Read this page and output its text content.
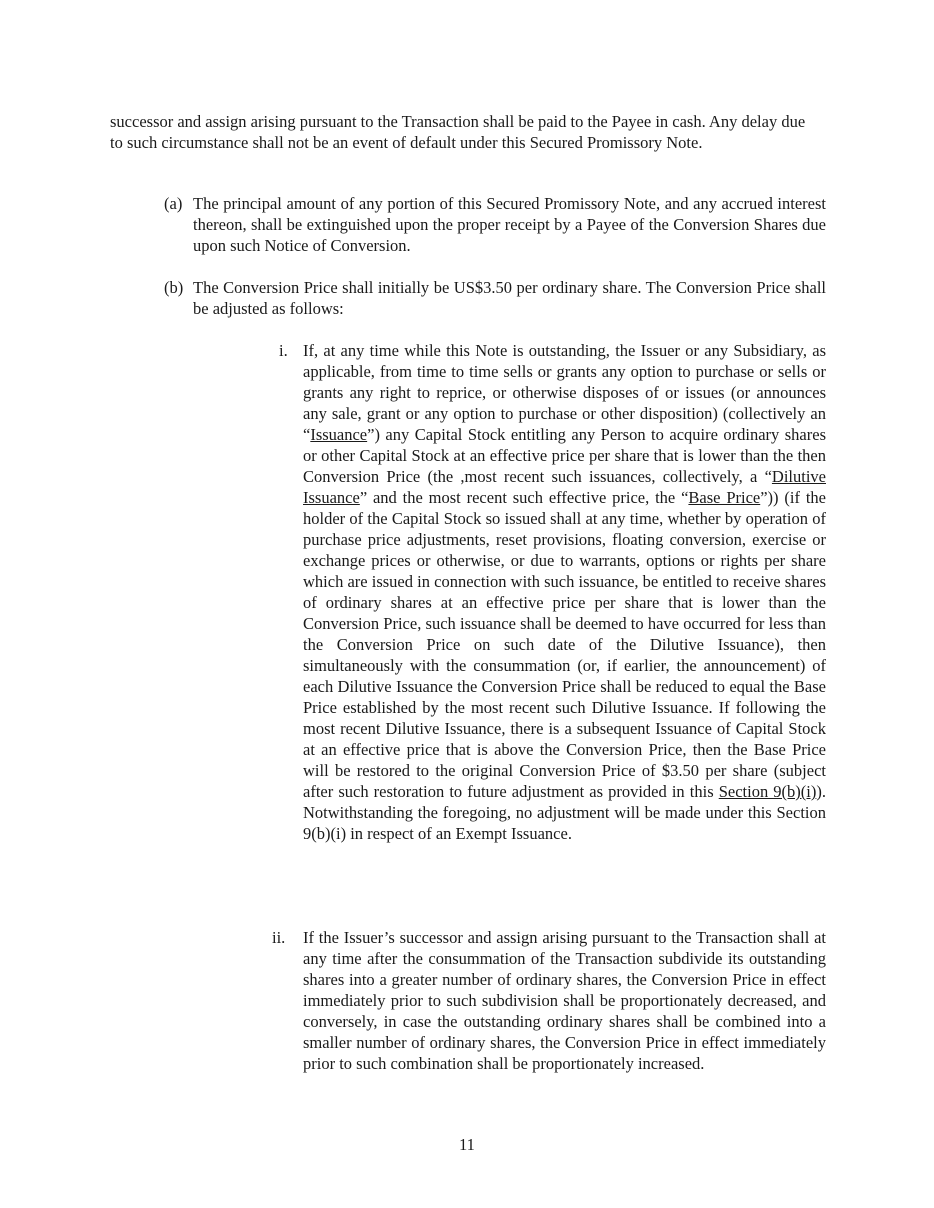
successor and assign arising pursuant to the Transaction shall be paid to the Payee in cash. Any delay due to such circumstance shall not be an event of default under this Secured Promissory Note.

(a) The principal amount of any portion of this Secured Promissory Note, and any accrued interest thereon, shall be extinguished upon the proper receipt by a Payee of the Conversion Shares due upon such Notice of Conversion.
(b) The Conversion Price shall initially be US$3.50 per ordinary share. The Conversion Price shall be adjusted as follows:
i. If, at any time while this Note is outstanding, the Issuer or any Subsidiary, as applicable, from time to time sells or grants any option to purchase or sells or grants any right to reprice, or otherwise disposes of or issues (or announces any sale, grant or any option to purchase or other disposition) (collectively an “Issuance”) any Capital Stock entitling any Person to acquire ordinary shares or other Capital Stock at an effective price per share that is lower than the then Conversion Price (the ,most recent such issuances, collectively, a “Dilutive Issuance” and the most recent such effective price, the “Base Price”)) (if the holder of the Capital Stock so issued shall at any time, whether by operation of purchase price adjustments, reset provisions, floating conversion, exercise or exchange prices or otherwise, or due to warrants, options or rights per share which are issued in connection with such issuance, be entitled to receive shares of ordinary shares at an effective price per share that is lower than the Conversion Price, such issuance shall be deemed to have occurred for less than the Conversion Price on such date of the Dilutive Issuance), then simultaneously with the consummation (or, if earlier, the announcement) of each Dilutive Issuance the Conversion Price shall be reduced to equal the Base Price established by the most recent such Dilutive Issuance. If following the most recent Dilutive Issuance, there is a subsequent Issuance of Capital Stock at an effective price that is above the Conversion Price, then the Base Price will be restored to the original Conversion Price of $3.50 per share (subject after such restoration to future adjustment as provided in this Section 9(b)(i)). Notwithstanding the foregoing, no adjustment will be made under this Section 9(b)(i) in respect of an Exempt Issuance.
ii. If the Issuer’s successor and assign arising pursuant to the Transaction shall at any time after the consummation of the Transaction subdivide its outstanding shares into a greater number of ordinary shares, the Conversion Price in effect immediately prior to such subdivision shall be proportionately decreased, and conversely, in case the outstanding ordinary shares shall be combined into a smaller number of ordinary shares, the Conversion Price in effect immediately prior to such combination shall be proportionately increased.
11
